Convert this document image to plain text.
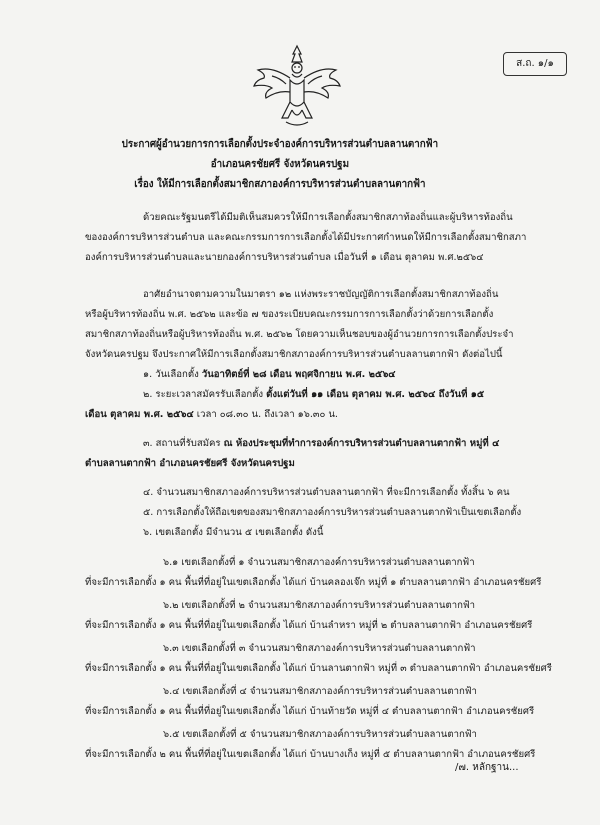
ส.ถ. ๑/๑
ประกาศผู้อำนวยการการเลือกตั้งประจำองค์การบริหารส่วนตำบลลานตากฟ้า
อำเภอนครชัยศรี จังหวัดนครปฐม
เรื่อง ให้มีการเลือกตั้งสมาชิกสภาองค์การบริหารส่วนตำบลลานตากฟ้า
ด้วยคณะรัฐมนตรีได้มีมติเห็นสมควรให้มีการเลือกตั้งสมาชิกสภาท้องถิ่นและผู้บริหารท้องถิ่น
ขององค์การบริหารส่วนตำบล และคณะกรรมการการเลือกตั้งได้มีประกาศกำหนดให้มีการเลือกตั้งสมาชิกสภา
องค์การบริหารส่วนตำบลและนายกองค์การบริหารส่วนตำบล เมื่อวันที่ ๑ เดือน ตุลาคม พ.ศ.๒๕๖๔
อาศัยอำนาจตามความในมาตรา ๑๒ แห่งพระราชบัญญัติการเลือกตั้งสมาชิกสภาท้องถิ่น
หรือผู้บริหารท้องถิ่น พ.ศ. ๒๕๖๒ และข้อ ๗ ของระเบียบคณะกรรมการการเลือกตั้งว่าด้วยการเลือกตั้ง
สมาชิกสภาท้องถิ่นหรือผู้บริหารท้องถิ่น พ.ศ. ๒๕๖๒ โดยความเห็นชอบของผู้อำนวยการการเลือกตั้งประจำ
จังหวัดนครปฐม จึงประกาศให้มีการเลือกตั้งสมาชิกสภาองค์การบริหารส่วนตำบลลานตากฟ้า ดังต่อไปนี้
๑. วันเลือกตั้ง วันอาทิตย์ที่ ๒๘ เดือน พฤศจิกายน พ.ศ. ๒๕๖๔
๒. ระยะเวลาสมัครรับเลือกตั้ง ตั้งแต่วันที่ ๑๑ เดือน ตุลาคม พ.ศ. ๒๕๖๔ ถึงวันที่ ๑๕
เดือน ตุลาคม พ.ศ. ๒๕๖๔ เวลา ๐๘.๓๐ น. ถึงเวลา ๑๖.๓๐ น.
๓. สถานที่รับสมัคร ณ ห้องประชุมที่ทำการองค์การบริหารส่วนตำบลลานตากฟ้า หมู่ที่ ๔
ตำบลลานตากฟ้า อำเภอนครชัยศรี จังหวัดนครปฐม
๔. จำนวนสมาชิกสภาองค์การบริหารส่วนตำบลลานตากฟ้า ที่จะมีการเลือกตั้ง ทั้งสิ้น ๖ คน
๕. การเลือกตั้งให้ถือเขตของสมาชิกสภาองค์การบริหารส่วนตำบลลานตากฟ้าเป็นเขตเลือกตั้ง
๖. เขตเลือกตั้ง มีจำนวน ๕ เขตเลือกตั้ง ดังนี้
๖.๑ เขตเลือกตั้งที่ ๑ จำนวนสมาชิกสภาองค์การบริหารส่วนตำบลลานตากฟ้า
ที่จะมีการเลือกตั้ง ๑ คน พื้นที่ที่อยู่ในเขตเลือกตั้ง ได้แก่ บ้านคลองเจ๊ก หมู่ที่ ๑ ตำบลลานตากฟ้า อำเภอนครชัยศรี
๖.๒ เขตเลือกตั้งที่ ๒ จำนวนสมาชิกสภาองค์การบริหารส่วนตำบลลานตากฟ้า
ที่จะมีการเลือกตั้ง ๑ คน พื้นที่ที่อยู่ในเขตเลือกตั้ง ได้แก่ บ้านลำหรา หมู่ที่ ๒ ตำบลลานตากฟ้า อำเภอนครชัยศรี
๖.๓ เขตเลือกตั้งที่ ๓ จำนวนสมาชิกสภาองค์การบริหารส่วนตำบลลานตากฟ้า
ที่จะมีการเลือกตั้ง ๑ คน พื้นที่ที่อยู่ในเขตเลือกตั้ง ได้แก่ บ้านลานตากฟ้า หมู่ที่ ๓ ตำบลลานตากฟ้า อำเภอนครชัยศรี
๖.๔ เขตเลือกตั้งที่ ๔ จำนวนสมาชิกสภาองค์การบริหารส่วนตำบลลานตากฟ้า
ที่จะมีการเลือกตั้ง ๑ คน พื้นที่ที่อยู่ในเขตเลือกตั้ง ได้แก่ บ้านท้ายวัด หมู่ที่ ๔ ตำบลลานตากฟ้า อำเภอนครชัยศรี
๖.๕ เขตเลือกตั้งที่ ๕ จำนวนสมาชิกสภาองค์การบริหารส่วนตำบลลานตากฟ้า
ที่จะมีการเลือกตั้ง ๒ คน พื้นที่ที่อยู่ในเขตเลือกตั้ง ได้แก่ บ้านบางเก็ง หมู่ที่ ๕ ตำบลลานตากฟ้า อำเภอนครชัยศรี
/๗. หลักฐาน...
